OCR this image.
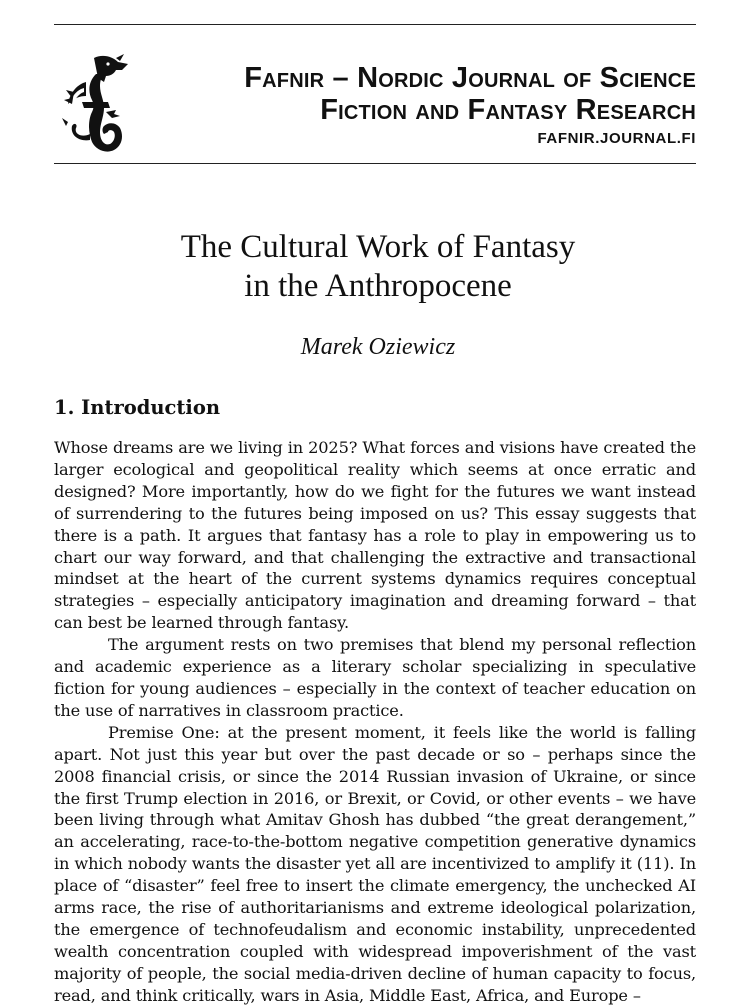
Fafnir – Nordic Journal of Science
Fiction and Fantasy Research
FAFNIR.JOURNAL.FI
The Cultural Work of Fantasy
in the Anthropocene
Marek Oziewicz
1. Introduction

Whose dreams are we living in 2025? What forces and visions have created the larger ecological and geopolitical reality which seems at once erratic and designed? More importantly, how do we fight for the futures we want instead of surrendering to the futures being imposed on us? This essay suggests that there is a path. It argues that fantasy has a role to play in empowering us to chart our way forward, and that challenging the extractive and transactional mindset at the heart of the current systems dynamics requires conceptual strategies – especially anticipatory imagination and dreaming forward – that can best be learned through fantasy.

The argument rests on two premises that blend my personal reflection and academic experience as a literary scholar specializing in speculative fiction for young audiences – especially in the context of teacher education on the use of narratives in classroom practice.

Premise One: at the present moment, it feels like the world is falling apart. Not just this year but over the past decade or so – perhaps since the 2008 financial crisis, or since the 2014 Russian invasion of Ukraine, or since the first Trump election in 2016, or Brexit, or Covid, or other events – we have been living through what Amitav Ghosh has dubbed “the great derangement,” an accelerating, race-to-the-bottom negative competition generative dynamics in which nobody wants the disaster yet all are incentivized to amplify it (11). In place of “disaster” feel free to insert the climate emergency, the unchecked AI arms race, the rise of authoritarianisms and extreme ideological polarization, the emergence of technofeudalism and economic instability, unprecedented wealth concentration coupled with widespread impoverishment of the vast majority of people, the social media-driven decline of human capacity to focus, read, and think critically, wars in Asia, Middle East, Africa, and Europe –
